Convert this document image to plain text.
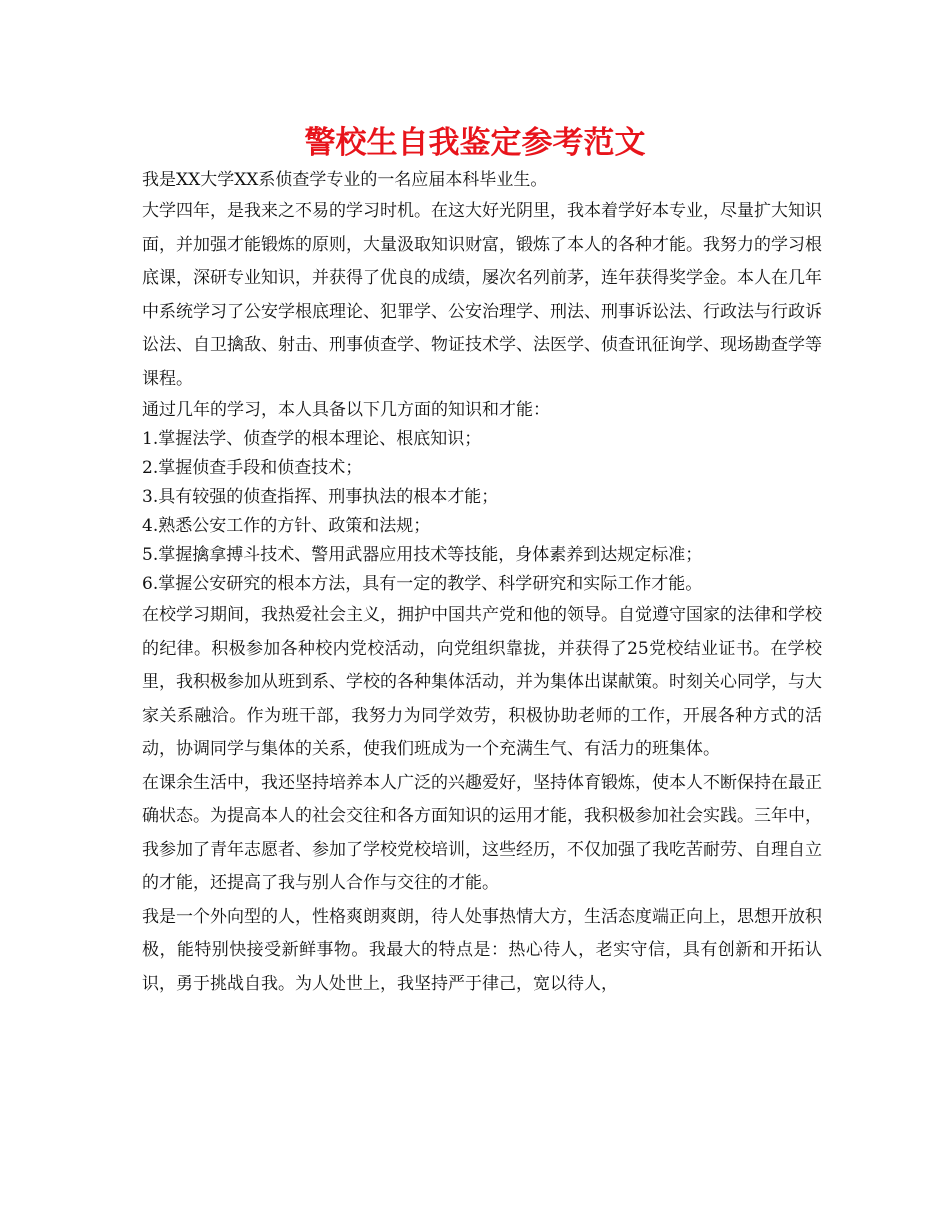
警校生自我鉴定参考范文

我是XX大学XX系侦查学专业的一名应届本科毕业生。

大学四年，是我来之不易的学习时机。在这大好光阴里，我本着学好本专业，尽量扩大知识面，并加强才能锻炼的原则，大量汲取知识财富，锻炼了本人的各种才能。我努力的学习根底课，深研专业知识，并获得了优良的成绩，屡次名列前茅，连年获得奖学金。本人在几年中系统学习了公安学根底理论、犯罪学、公安治理学、刑法、刑事诉讼法、行政法与行政诉讼法、自卫擒敌、射击、刑事侦查学、物证技术学、法医学、侦查讯征询学、现场勘查学等课程。

通过几年的学习，本人具备以下几方面的知识和才能：

1.掌握法学、侦查学的根本理论、根底知识；

2.掌握侦查手段和侦查技术；

3.具有较强的侦查指挥、刑事执法的根本才能；

4.熟悉公安工作的方针、政策和法规；

5.掌握擒拿搏斗技术、警用武器应用技术等技能，身体素养到达规定标准；

6.掌握公安研究的根本方法，具有一定的教学、科学研究和实际工作才能。

在校学习期间，我热爱社会主义，拥护中国共产党和他的领导。自觉遵守国家的法律和学校的纪律。积极参加各种校内党校活动，向党组织靠拢，并获得了25党校结业证书。在学校里，我积极参加从班到系、学校的各种集体活动，并为集体出谋献策。时刻关心同学，与大家关系融洽。作为班干部，我努力为同学效劳，积极协助老师的工作，开展各种方式的活动，协调同学与集体的关系，使我们班成为一个充满生气、有活力的班集体。

在课余生活中，我还坚持培养本人广泛的兴趣爱好，坚持体育锻炼，使本人不断保持在最正确状态。为提高本人的社会交往和各方面知识的运用才能，我积极参加社会实践。三年中，我参加了青年志愿者、参加了学校党校培训，这些经历，不仅加强了我吃苦耐劳、自理自立的才能，还提高了我与别人合作与交往的才能。

我是一个外向型的人，性格爽朗爽朗，待人处事热情大方，生活态度端正向上，思想开放积极，能特别快接受新鲜事物。我最大的特点是：热心待人，老实守信，具有创新和开拓认识，勇于挑战自我。为人处世上，我坚持严于律己，宽以待人，
